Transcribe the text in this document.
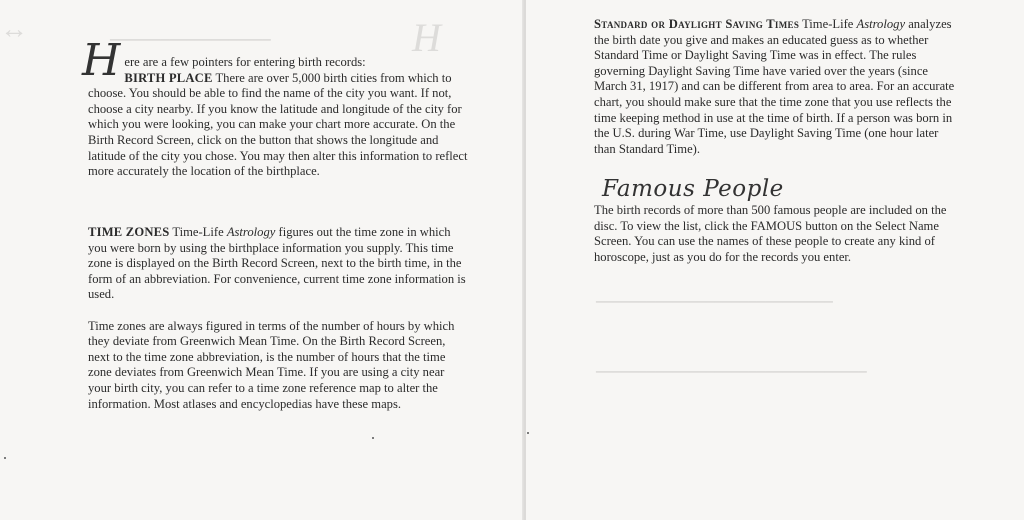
▁▁▁▁▁▁▁▁▁▁▁▁▁▁▁▁▁▁▁	H
↔

Here are a few pointers for entering birth records:
BIRTH PLACE There are over 5,000 birth cities from which to choose. You should be able to find the name of the city you want. If not, choose a city nearby. If you know the latitude and longitude of the city for which you were looking, you can make your chart more accurate. On the Birth Record Screen, click on the button that shows the longitude and latitude of the city you chose. You may then alter this information to reflect more accurately the location of the birthplace.

TIME ZONES Time-Life Astrology figures out the time zone in which you were born by using the birthplace information you supply. This time zone is displayed on the Birth Record Screen, next to the birth time, in the form of an abbreviation. For convenience, current time zone information is used.

Time zones are always figured in terms of the number of hours by which they deviate from Greenwich Mean Time. On the Birth Record Screen, next to the time zone abbreviation, is the number of hours that the time zone deviates from Greenwich Mean Time. If you are using a city near your birth city, you can refer to a time zone reference map to alter the information. Most atlases and encyclopedias have these maps.

▁▁▁▁▁▁▁▁▁▁▁▁▁▁▁▁▁▁▁▁▁▁▁▁▁▁▁▁
▁▁▁▁▁▁▁▁▁▁▁▁▁▁▁▁▁▁▁▁▁▁▁▁▁▁▁▁▁▁▁▁

Standard or Daylight Saving Times Time-Life Astrology analyzes the birth date you give and makes an educated guess as to whether Standard Time or Daylight Saving Time was in effect. The rules governing Daylight Saving Time have varied over the years (since March 31, 1917) and can be different from area to area. For an accurate chart, you should make sure that the time zone that you use reflects the time keeping method in use at the time of birth. If a person was born in the U.S. during War Time, use Daylight Saving Time (one hour later than Standard Time).

Famous People

The birth records of more than 500 famous people are included on the disc. To view the list, click the FAMOUS button on the Select Name Screen. You can use the names of these people to create any kind of horoscope, just as you do for the records you enter.
